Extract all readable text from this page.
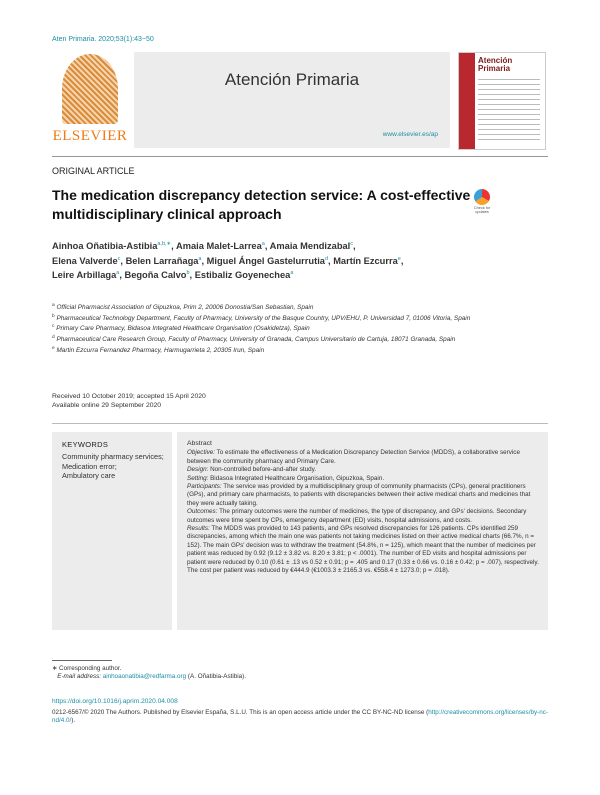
Aten Primaria. 2020;53(1):43−50
ELSEVIER
Atención Primaria
www.elsevier.es/ap
Atención Primaria
ORIGINAL ARTICLE
The medication discrepancy detection service: A cost-effective multidisciplinary clinical approach	Check for updates
Ainhoa Oñatibia-Astibia$^{a,b,∗}$, Amaia Malet-Larrea$^a$, Amaia Mendizabal$^c$,
Elena Valverde$^c$, Belen Larrañaga$^a$, Miguel Ángel Gastelurrutia$^d$, Martín Ezcurra$^e$,
Leire Arbillaga$^a$, Begoña Calvo$^b$, Estibaliz Goyenechea$^a$

$^a$ Official Pharmacist Association of Gipuzkoa, Prim 2, 20006 Donostia/San Sebastian, Spain

$^b$ Pharmaceutical Technology Department, Faculty of Pharmacy, University of the Basque Country, UPV/EHU, P. Universidad 7, 01006 Vitoria, Spain

$^c$ Primary Care Pharmacy, Bidasoa Integrated Healthcare Organisation (Osakidetza), Spain

$^d$ Pharmaceutical Care Research Group, Faculty of Pharmacy, University of Granada, Campus Universitario de Cartuja, 18071 Granada, Spain

$^e$ Martin Ezcurra Fernandez Pharmacy, Harmugarrieta 2, 20305 Irun, Spain

Received 10 October 2019; accepted 15 April 2020

Available online 29 September 2020

KEYWORDS
Community pharmacy services;
Medication error;
Ambulatory care

Abstract

Objective: To estimate the effectiveness of a Medication Discrepancy Detection Service (MDDS), a collaborative service between the community pharmacy and Primary Care.

Design: Non-controlled before-and-after study.

Setting: Bidasoa Integrated Healthcare Organisation, Gipuzkoa, Spain.

Participants: The service was provided by a multidisciplinary group of community pharmacists (CPs), general practitioners (GPs), and primary care pharmacists, to patients with discrepancies between their active medical charts and medicines that they were actually taking.

Outcomes: The primary outcomes were the number of medicines, the type of discrepancy, and GPs' decisions. Secondary outcomes were time spent by CPs, emergency department (ED) visits, hospital admissions, and costs.

Results: The MDDS was provided to 143 patients, and GPs resolved discrepancies for 126 patients. CPs identified 259 discrepancies, among which the main one was patients not taking medicines listed on their active medical charts (66.7%, n = 152). The main GPs' decision was to withdraw the treatment (54.8%, n = 125), which meant that the number of medicines per patient was reduced by 0.92 (9.12 ± 3.82 vs. 8.20 ± 3.81; p < .0001). The number of ED visits and hospital admissions per patient were reduced by 0.10 (0.61 ± .13 vs 0.52 ± 0.91; p = .405 and 0.17 (0.33 ± 0.66 vs. 0.16 ± 0.42; p = .007), respectively. The cost per patient was reduced by €444.9 (€1003.3 ± 2165.3 vs. €558.4 ± 1273.0; p = .018).

∗ Corresponding author.

E-mail address: ainhoaonatibia@redfarma.org (A. Oñatibia-Astibia).

https://doi.org/10.1016/j.aprim.2020.04.008
0212-6567/© 2020 The Authors. Published by Elsevier España, S.L.U. This is an open access article under the CC BY-NC-ND license (http://creativecommons.org/licenses/by-nc-nd/4.0/).
